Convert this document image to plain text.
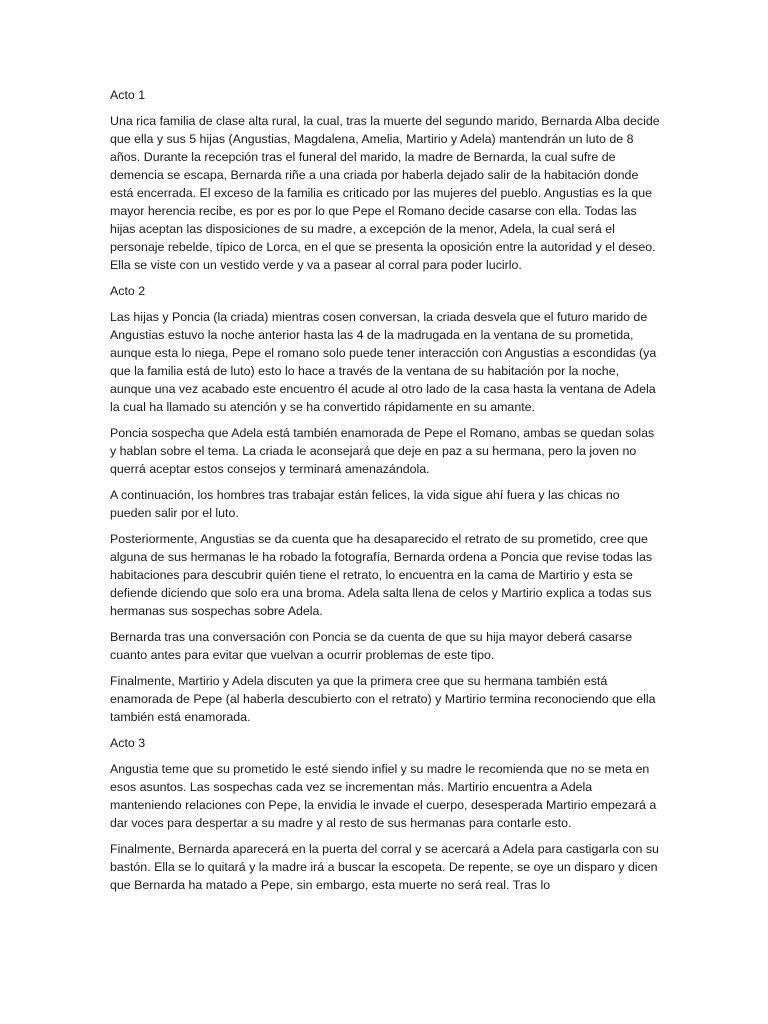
Acto 1

Una rica familia de clase alta rural, la cual, tras la muerte del segundo marido, Bernarda Alba decide que ella y sus 5 hijas (Angustias, Magdalena, Amelia, Martirio y Adela) mantendrán un luto de 8 años. Durante la recepción tras el funeral del marido, la madre de Bernarda, la cual sufre de demencia se escapa, Bernarda riñe a una criada por haberla dejado salir de la habitación donde está encerrada. El exceso de la familia es criticado por las mujeres del pueblo. Angustias es la que mayor herencia recibe, es por es por lo que Pepe el Romano decide casarse con ella. Todas las hijas aceptan las disposiciones de su madre, a excepción de la menor, Adela, la cual será el personaje rebelde, típico de Lorca, en el que se presenta la oposición entre la autoridad y el deseo. Ella se viste con un vestido verde y va a pasear al corral para poder lucirlo.

Acto 2

Las hijas y Poncia (la criada) mientras cosen conversan, la criada desvela que el futuro marido de Angustias estuvo la noche anterior hasta las 4 de la madrugada en la ventana de su prometida, aunque esta lo niega, Pepe el romano solo puede tener interacción con Angustias a escondidas (ya que la familia está de luto) esto lo hace a través de la ventana de su habitación por la noche, aunque una vez acabado este encuentro él acude al otro lado de la casa hasta la ventana de Adela la cual ha llamado su atención y se ha convertido rápidamente en su amante.

Poncia sospecha que Adela está también enamorada de Pepe el Romano, ambas se quedan solas y hablan sobre el tema. La criada le aconsejará que deje en paz a su hermana, pero la joven no querrá aceptar estos consejos y terminará amenazándola.

A continuación, los hombres tras trabajar están felices, la vida sigue ahí fuera y las chicas no pueden salir por el luto.

Posteriormente, Angustias se da cuenta que ha desaparecido el retrato de su prometido, cree que alguna de sus hermanas le ha robado la fotografía, Bernarda ordena a Poncia que revise todas las habitaciones para descubrir quién tiene el retrato, lo encuentra en la cama de Martirio y esta se defiende diciendo que solo era una broma. Adela salta llena de celos y Martirio explica a todas sus hermanas sus sospechas sobre Adela.

Bernarda tras una conversación con Poncia se da cuenta de que su hija mayor deberá casarse cuanto antes para evitar que vuelvan a ocurrir problemas de este tipo.

Finalmente, Martirio y Adela discuten ya que la primera cree que su hermana también está enamorada de Pepe (al haberla descubierto con el retrato) y Martirio termina reconociendo que ella también está enamorada.

Acto 3

Angustia teme que su prometido le esté siendo infiel y su madre le recomienda que no se meta en esos asuntos. Las sospechas cada vez se incrementan más. Martirio encuentra a Adela manteniendo relaciones con Pepe, la envidia le invade el cuerpo, desesperada Martirio empezará a dar voces para despertar a su madre y al resto de sus hermanas para contarle esto.

Finalmente, Bernarda aparecerá en la puerta del corral y se acercará a Adela para castigarla con su bastón. Ella se lo quitará y la madre irá a buscar la escopeta. De repente, se oye un disparo y dicen que Bernarda ha matado a Pepe, sin embargo, esta muerte no será real. Tras lo
